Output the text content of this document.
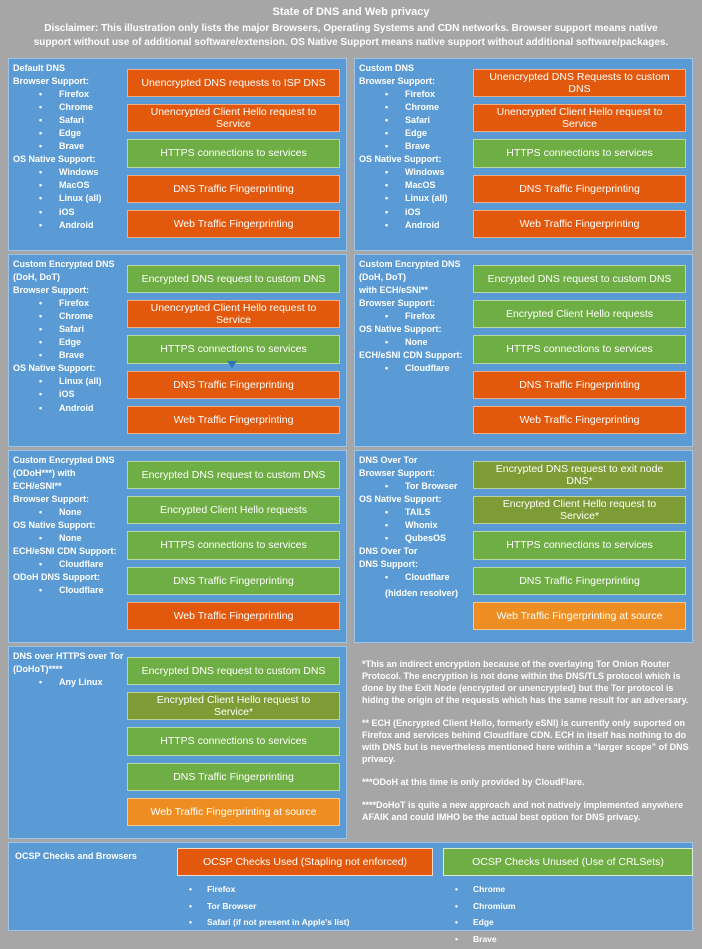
State of DNS and Web privacy
Disclaimer: This illustration only lists the major Browsers, Operating Systems and CDN networks. Browser support means native support without use of additional software/extension. OS Native Support means native support without additional software/packages.
Default DNS
Browser Support:
• Firefox
• Chrome
• Safari
• Edge
• Brave
OS Native Support:
• Windows
• MacOS
• Linux (all)
• iOS
• Android
Unencrypted DNS requests to ISP DNS
Unencrypted Client Hello request to Service
HTTPS connections to services
DNS Traffic Fingerprinting
Web Traffic Fingerprinting
Custom DNS
Browser Support:
• Firefox
• Chrome
• Safari
• Edge
• Brave
OS Native Support:
• Windows
• MacOS
• Linux (all)
• iOS
• Android
Unencrypted DNS Requests to custom DNS
Unencrypted Client Hello request to Service
HTTPS connections to services
DNS Traffic Fingerprinting
Web Traffic Fingerprinting
Custom Encrypted DNS
(DoH, DoT)
Browser Support:
• Firefox
• Chrome
• Safari
• Edge
• Brave
OS Native Support:
• Linux (all)
• iOS
• Android
Encrypted DNS request to custom DNS
Unencrypted Client Hello request to Service
HTTPS connections to services
DNS Traffic Fingerprinting
Web Traffic Fingerprinting
Custom Encrypted DNS
(DoH, DoT)
with ECH/eSNI**
Browser Support:
• Firefox
OS Native Support:
• None
ECH/eSNI CDN Support:
• Cloudflare
Encrypted DNS request to custom DNS
Encrypted Client Hello requests
HTTPS connections to services
DNS Traffic Fingerprinting
Web Traffic Fingerprinting
Custom Encrypted DNS
(ODoH***) with
ECH/eSNI**
Browser Support:
• None
OS Native Support:
• None
ECH/eSNI CDN Support:
• Cloudflare
ODoH DNS Support:
• Cloudflare
Encrypted DNS request to custom DNS
Encrypted Client Hello requests
HTTPS connections to services
DNS Traffic Fingerprinting
Web Traffic Fingerprinting
DNS Over Tor
Browser Support:
• Tor Browser
OS Native Support:
• TAILS
• Whonix
• QubesOS
DNS Over Tor
DNS Support:
• Cloudflare
(hidden resolver)
Encrypted DNS request to exit node DNS*
Encrypted Client Hello request to Service*
HTTPS connections to services
DNS Traffic Fingerprinting
Web Traffic Fingerprinting at source
DNS over HTTPS over Tor
(DoHoT)****
• Any Linux
Encrypted DNS request to custom DNS
Encrypted Client Hello request to Service*
HTTPS connections to services
DNS Traffic Fingerprinting
Web Traffic Fingerprinting at source

*This an indirect encryption because of the overlaying Tor Onion Router Protocol. The encryption is not done within the DNS/TLS protocol which is done by the Exit Node (encrypted or unencrypted) but the Tor protocol is hiding the origin of the requests which has the same result for an adversary.

** ECH (Encrypted Client Hello, formerly eSNI) is currently only suported on Firefox and services behind Cloudflare CDN. ECH in itself has nothing to do with DNS but is nevertheless mentioned here within a “larger scope” of DNS privacy.

***ODoH at this time is only provided by CloudFlare.

****DoHoT is quite a new approach and not natively implemented anywhere AFAIK and could IMHO be the actual best option for DNS privacy.

OCSP Checks and Browsers	OCSP Checks Used (Stapling not enforced)
• Firefox
• Tor Browser
• Safari (if not present in Apple's list)
OCSP Checks Unused (Use of CRLSets)
• Chrome
• Chromium
• Edge
• Brave
